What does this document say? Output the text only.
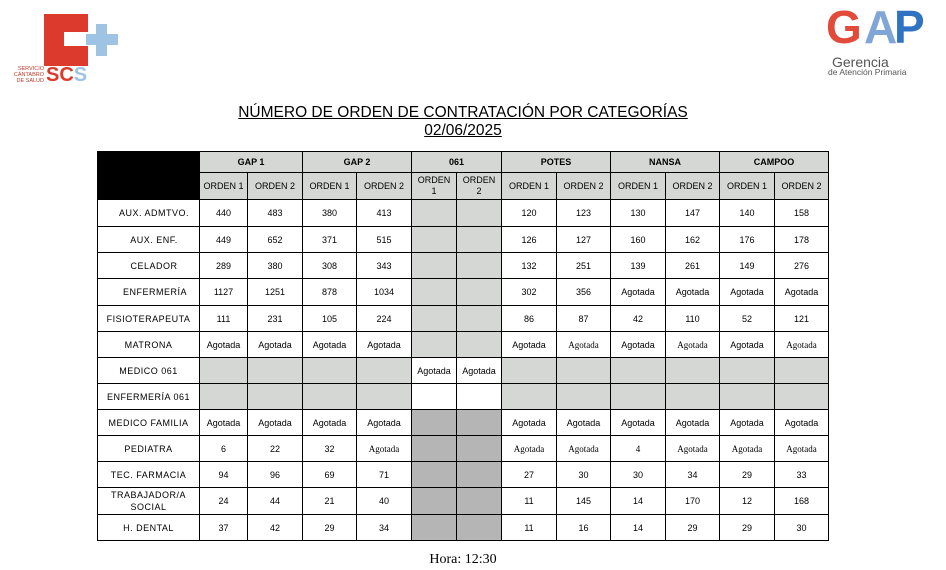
SERVICIO
CÁNTABRO
DE SALUD SCS
G A
P
Gerencia
de Atención Primaria
NÚMERO DE ORDEN DE CONTRATACIÓN POR CATEGORÍAS
02/06/2025
	GAP 1		GAP 2		061		POTES		NANSA		CAMPOO	
	ORDEN 1	ORDEN 2	ORDEN 1	ORDEN 2	ORDEN
1	ORDEN
2	ORDEN 1	ORDEN 2	ORDEN 1	ORDEN 2	ORDEN 1	ORDEN 2
AUX. ADMTVO.	440	483	380	413			120	123	130	147	140	158
AUX. ENF.	449	652	371	515			126	127	160	162	176	178
CELADOR	289	380	308	343			132	251	139	261	149	276
ENFERMERÍA	1127	1251	878	1034			302	356	Agotada	Agotada	Agotada	Agotada
FISIOTERAPEUTA	111	231	105	224			86	87	42	110	52	121
MATRONA	Agotada	Agotada	Agotada	Agotada			Agotada	Agotada	Agotada	Agotada	Agotada	Agotada
MEDICO 061					Agotada	Agotada						
ENFERMERÍA 061												
MEDICO FAMILIA	Agotada	Agotada	Agotada	Agotada			Agotada	Agotada	Agotada	Agotada	Agotada	Agotada
PEDIATRA	6	22	32	Agotada			Agotada	Agotada	4	Agotada	Agotada	Agotada
TEC. FARMACIA	94	96	69	71			27	30	30	34	29	33
TRABAJADOR/A SOCIAL	24	44	21	40			11	145	14	170	12	168
H. DENTAL	37	42	29	34			11	16	14	29	29	30
Hora: 12:30
